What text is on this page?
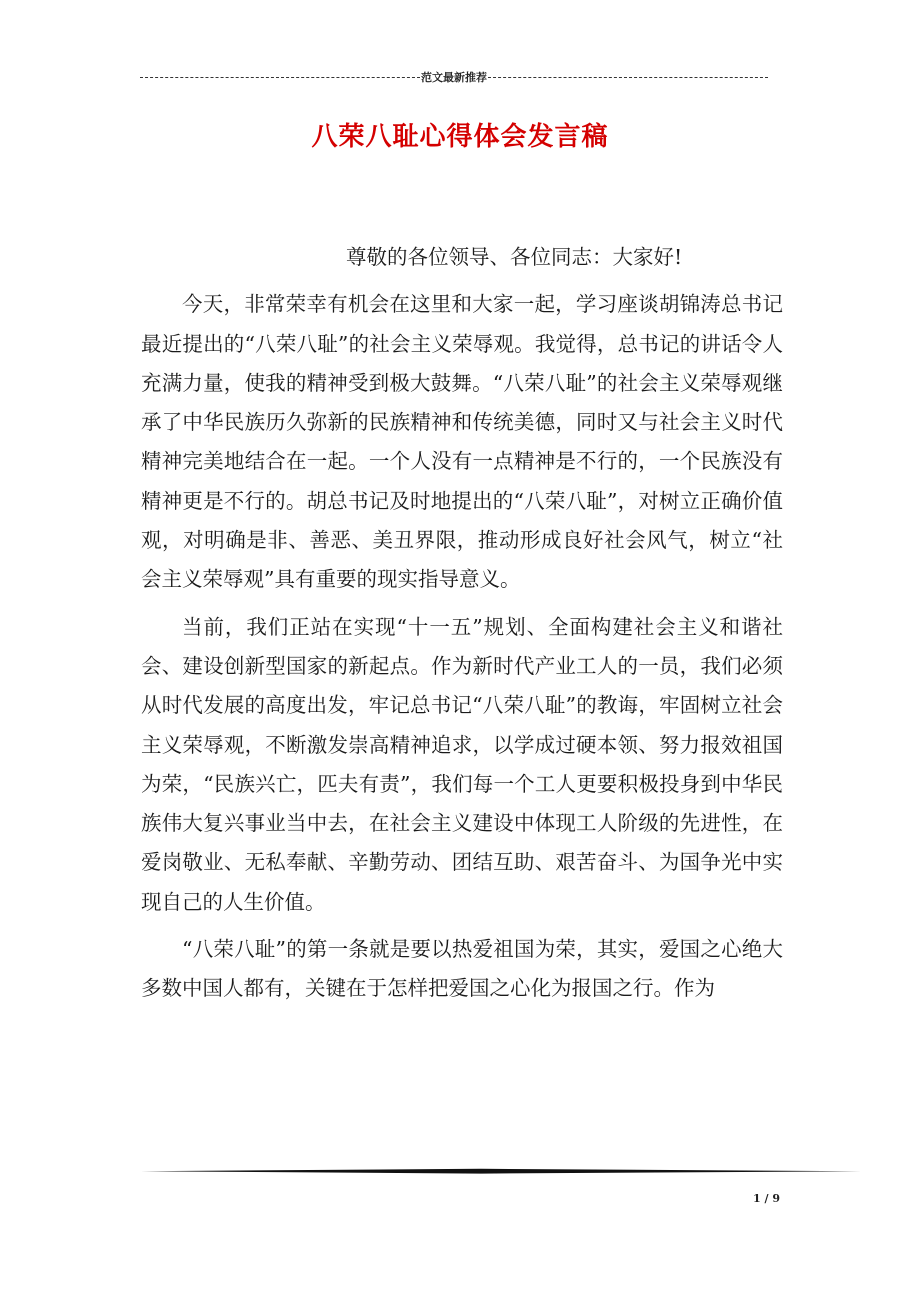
范文最新推荐
八荣八耻心得体会发言稿

尊敬的各位领导、各位同志：大家好!

今天，非常荣幸有机会在这里和大家一起，学习座谈胡锦涛总书记最近提出的“八荣八耻”的社会主义荣辱观。我觉得，总书记的讲话令人充满力量，使我的精神受到极大鼓舞。“八荣八耻”的社会主义荣辱观继承了中华民族历久弥新的民族精神和传统美德，同时又与社会主义时代精神完美地结合在一起。一个人没有一点精神是不行的，一个民族没有精神更是不行的。胡总书记及时地提出的“八荣八耻”，对树立正确价值观，对明确是非、善恶、美丑界限，推动形成良好社会风气，树立“社会主义荣辱观”具有重要的现实指导意义。

当前，我们正站在实现“十一五”规划、全面构建社会主义和谐社会、建设创新型国家的新起点。作为新时代产业工人的一员，我们必须从时代发展的高度出发，牢记总书记“八荣八耻”的教诲，牢固树立社会主义荣辱观，不断激发崇高精神追求，以学成过硬本领、努力报效祖国为荣，“民族兴亡，匹夫有责”，我们每一个工人更要积极投身到中华民族伟大复兴事业当中去，在社会主义建设中体现工人阶级的先进性，在爱岗敬业、无私奉献、辛勤劳动、团结互助、艰苦奋斗、为国争光中实现自己的人生价值。

“八荣八耻”的第一条就是要以热爱祖国为荣，其实，爱国之心绝大多数中国人都有，关键在于怎样把爱国之心化为报国之行。作为

1 / 9
